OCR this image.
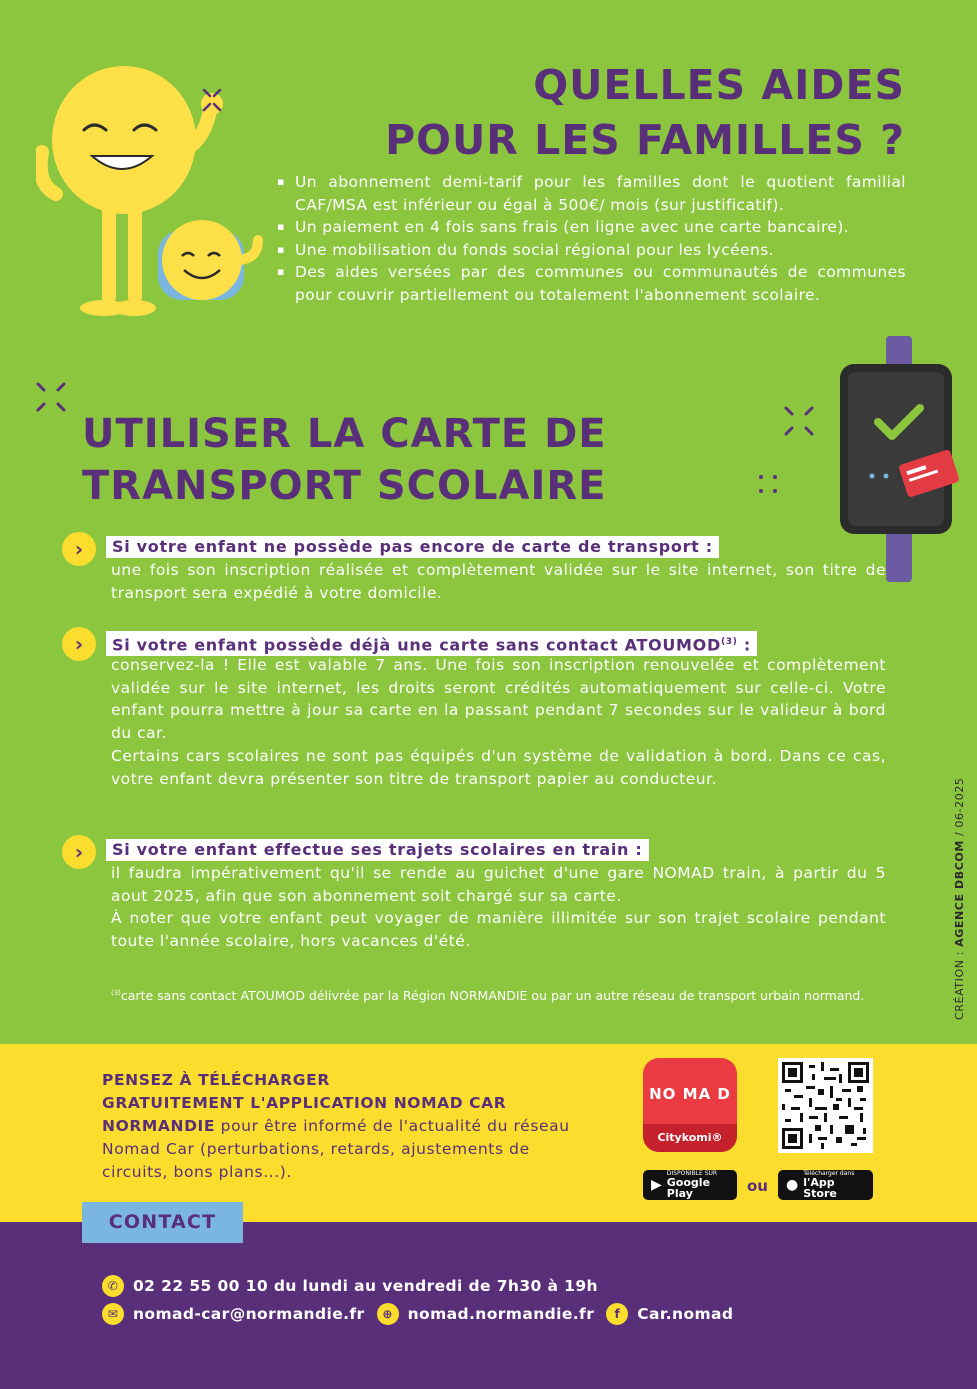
QUELLES AIDES
POUR LES FAMILLES ?
▪ Un abonnement demi-tarif pour les familles dont le quotient familial CAF/MSA est inférieur ou égal à 500€/ mois (sur justificatif).
▪ Un paiement en 4 fois sans frais (en ligne avec une carte bancaire).
▪ Une mobilisation du fonds social régional pour les lycéens.
▪ Des aides versées par des communes ou communautés de communes pour couvrir partiellement ou totalement l'abonnement scolaire.
UTILISER LA CARTE DE
TRANSPORT SCOLAIRE
›	Si votre enfant ne possède pas encore de carte de transport :

une fois son inscription réalisée et complètement validée sur le site internet, son titre de transport sera expédié à votre domicile.

›	Si votre enfant possède déjà une carte sans contact ATOUMOD$^{(3)}$ :

conservez-la ! Elle est valable 7 ans. Une fois son inscription renouvelée et complètement validée sur le site internet, les droits seront crédités automatiquement sur celle-ci. Votre enfant pourra mettre à jour sa carte en la passant pendant 7 secondes sur le valideur à bord du car.

Certains cars scolaires ne sont pas équipés d'un système de validation à bord. Dans ce cas, votre enfant devra présenter son titre de transport papier au conducteur.

›	Si votre enfant effectue ses trajets scolaires en train :

il faudra impérativement qu'il se rende au guichet d'une gare NOMAD train, à partir du 5 aout 2025, afin que son abonnement soit chargé sur sa carte.

À noter que votre enfant peut voyager de manière illimitée sur son trajet scolaire pendant toute l'année scolaire, hors vacances d'été.

$^{(3)}$carte sans contact ATOUMOD délivrée par la Région NORMANDIE ou par un autre réseau de transport urbain normand.	CRÉATION : AGENCE DBCOM / 06-2025
PENSEZ À TÉLÉCHARGER
GRATUITEMENT L'APPLICATION NOMAD CAR NORMANDIE pour être informé de l'actualité du réseau Nomad Car (perturbations, retards, ajustements de circuits, bons plans...).
NO MA D
Citykomi®
▶
DISPONIBLE SUR
Google Play	ou ●
Télécharger dans
l'App Store
CONTACT
✆ 02 22 55 00 10 du lundi au vendredi de 7h30 à 19h
✉ nomad-car@normandie.fr	⊕ nomad.normandie.fr	f	Car.nomad
